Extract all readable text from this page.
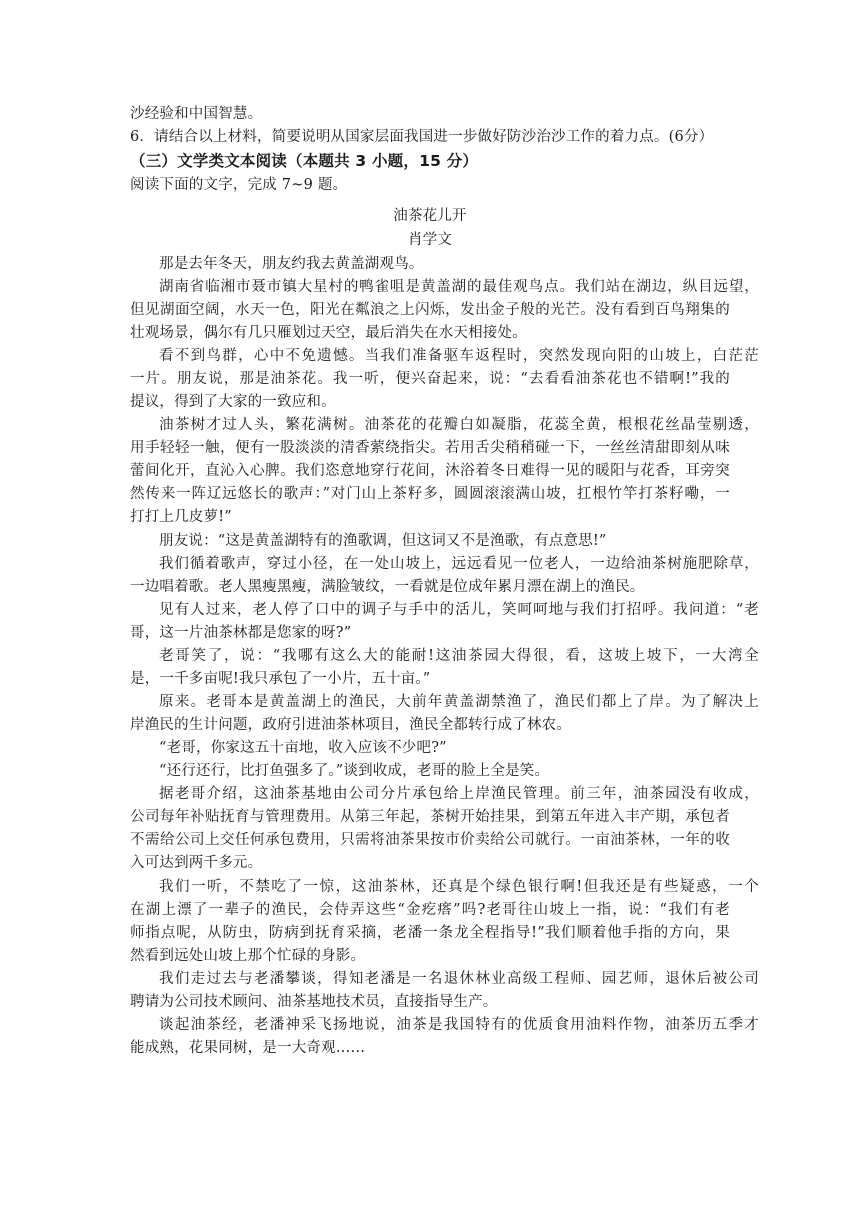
沙经验和中国智慧。
6．请结合以上材料，简要说明从国家层面我国进一步做好防沙治沙工作的着力点。(6分）
（三）文学类文本阅读（本题共 3 小题，15 分）
阅读下面的文字，完成 7~9 题。
油茶花儿开
肖学文
那是去年冬天，朋友约我去黄盖湖观鸟。
湖南省临湘市聂市镇大星村的鸭雀咀是黄盖湖的最佳观鸟点。我们站在湖边，纵目远望，
但见湖面空阔，水天一色，阳光在粼浪之上闪烁，发出金子般的光芒。没有看到百鸟翔集的
壮观场景，偶尔有几只雁划过天空，最后消失在水天相接处。
看不到鸟群，心中不免遗憾。当我们准备驱车返程时，突然发现向阳的山坡上，白茫茫
一片。朋友说，那是油茶花。我一听，便兴奋起来，说：“去看看油茶花也不错啊!”我的
提议，得到了大家的一致应和。
油茶树才过人头，繁花满树。油茶花的花瓣白如凝脂，花蕊全黄，根根花丝晶莹剔透，
用手轻轻一触，便有一股淡淡的清香萦绕指尖。若用舌尖稍稍碰一下，一丝丝清甜即刻从味
蕾间化开，直沁入心脾。我们恣意地穿行花间，沐浴着冬日难得一见的暖阳与花香，耳旁突
然传来一阵辽远悠长的歌声：”对门山上茶籽多，圆圆滚滚满山坡，扛根竹竿打茶籽嘞，一
打打上几皮萝!”
朋友说：“这是黄盖湖特有的渔歌调，但这词又不是渔歌，有点意思!”
我们循着歌声，穿过小径，在一处山坡上，远远看见一位老人，一边给油茶树施肥除草，
一边唱着歌。老人黑瘦黑瘦，满脸皱纹，一看就是位成年累月漂在湖上的渔民。
见有人过来，老人停了口中的调子与手中的活儿，笑呵呵地与我们打招呼。我问道：“老
哥，这一片油茶林都是您家的呀?”
老哥笑了，说：“我哪有这么大的能耐!这油茶园大得很，看，这坡上坡下，一大湾全
是，一千多亩呢!我只承包了一小片，五十亩。”
原来。老哥本是黄盖湖上的渔民，大前年黄盖湖禁渔了，渔民们都上了岸。为了解决上
岸渔民的生计问题，政府引进油茶林项目，渔民全都转行成了林农。
“老哥，你家这五十亩地，收入应该不少吧?”
“还行还行，比打鱼强多了。”谈到收成，老哥的脸上全是笑。
据老哥介绍，这油茶基地由公司分片承包给上岸渔民管理。前三年，油茶园没有收成，
公司每年补贴抚育与管理费用。从第三年起，茶树开始挂果，到第五年进入丰产期，承包者
不需给公司上交任何承包费用，只需将油茶果按市价卖给公司就行。一亩油茶林，一年的收
入可达到两千多元。
我们一听，不禁吃了一惊，这油茶林，还真是个绿色银行啊!但我还是有些疑惑，一个
在湖上漂了一辈子的渔民，会侍弄这些“金疙瘩”吗?老哥往山坡上一指，说：“我们有老
师指点呢，从防虫，防病到抚育采摘，老潘一条龙全程指导!”我们顺着他手指的方向，果
然看到远处山坡上那个忙碌的身影。
我们走过去与老潘攀谈，得知老潘是一名退休林业高级工程师、园艺师，退休后被公司
聘请为公司技术顾问、油茶基地技术员，直接指导生产。
谈起油茶经，老潘神采飞扬地说，油茶是我国特有的优质食用油料作物，油茶历五季才
能成熟，花果同树，是一大奇观……
